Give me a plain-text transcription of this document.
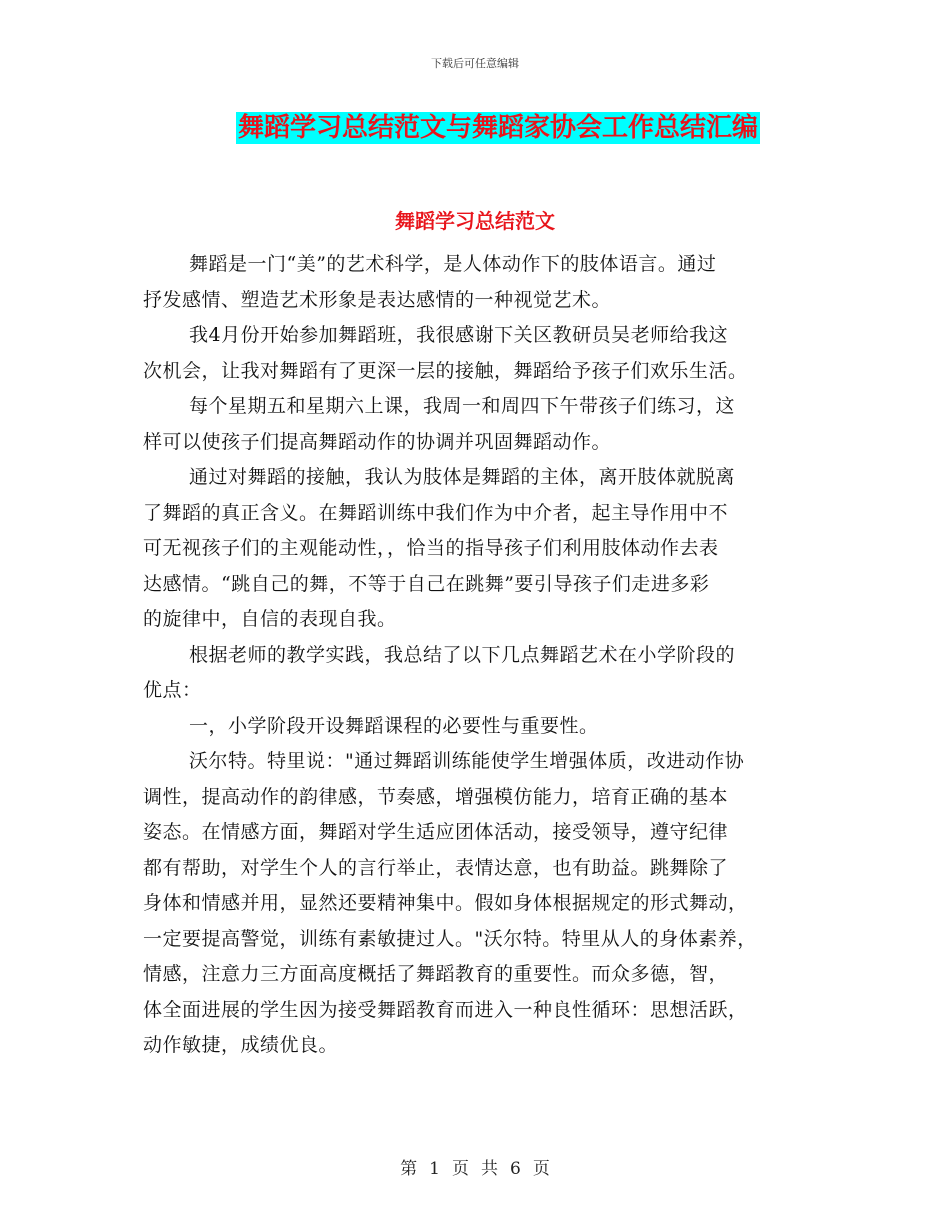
下载后可任意编辑
舞蹈学习总结范文与舞蹈家协会工作总结汇编
舞蹈学习总结范文
舞蹈是一门“美”的艺术科学，是人体动作下的肢体语言。通过
抒发感情、塑造艺术形象是表达感情的一种视觉艺术。
我4月份开始参加舞蹈班，我很感谢下关区教研员吴老师给我这
次机会，让我对舞蹈有了更深一层的接触，舞蹈给予孩子们欢乐生活。
每个星期五和星期六上课，我周一和周四下午带孩子们练习，这
样可以使孩子们提高舞蹈动作的协调并巩固舞蹈动作。
通过对舞蹈的接触，我认为肢体是舞蹈的主体，离开肢体就脱离
了舞蹈的真正含义。在舞蹈训练中我们作为中介者，起主导作用中不
可无视孩子们的主观能动性，，恰当的指导孩子们利用肢体动作去表
达感情。“跳自己的舞，不等于自己在跳舞”要引导孩子们走进多彩
的旋律中，自信的表现自我。
根据老师的教学实践，我总结了以下几点舞蹈艺术在小学阶段的
优点：
一，小学阶段开设舞蹈课程的必要性与重要性。
沃尔特。特里说："通过舞蹈训练能使学生增强体质，改进动作协
调性，提高动作的韵律感，节奏感，增强模仿能力，培育正确的基本
姿态。在情感方面，舞蹈对学生适应团体活动，接受领导，遵守纪律
都有帮助，对学生个人的言行举止，表情达意，也有助益。跳舞除了
身体和情感并用，显然还要精神集中。假如身体根据规定的形式舞动，
一定要提高警觉，训练有素敏捷过人。"沃尔特。特里从人的身体素养，
情感，注意力三方面高度概括了舞蹈教育的重要性。而众多德，智，
体全面进展的学生因为接受舞蹈教育而进入一种良性循环：思想活跃，
动作敏捷，成绩优良。
第 1 页 共 6 页
